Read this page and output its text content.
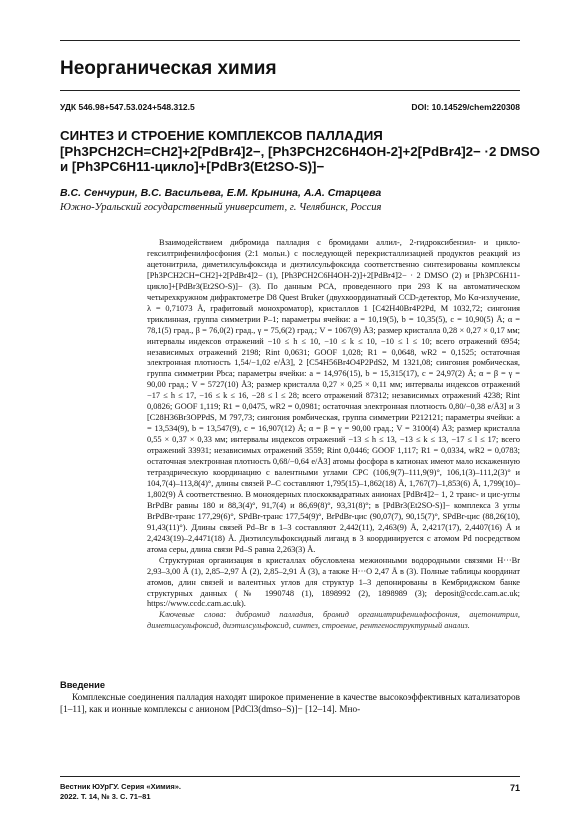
Неорганическая химия
УДК 546.98+547.53.024+548.312.5	DOI: 10.14529/chem220308
СИНТЕЗ И СТРОЕНИЕ КОМПЛЕКСОВ ПАЛЛАДИЯ
[Ph3PCH2CH=CH2]+2[PdBr4]2−, [Ph3PCH2C6H4OH-2]+2[PdBr4]2− ·2 DMSO
и [Ph3PC6H11-цикло]+[PdBr3(Et2SO-S)]−
В.С. Сенчурин, В.С. Васильева, Е.М. Крынина, А.А. Старцева
Южно-Уральский государственный университет, г. Челябинск, Россия

Взаимодействием дибромида палладия с бромидами аллил-, 2-гидроксибензил- и цикло-гексилтрифенилфосфония (2:1 мольн.) с последующей перекристаллизацией продуктов реакций из ацетонитрила, диметилсульфоксида и диэтилсульфоксида соответственно синтезированы комплексы [Ph3PCH2CH=CH2]+2[PdBr4]2− (1), [Ph3PCH2C6H4OH-2)]+2[PdBr4]2− · 2 DMSO (2) и [Ph3PC6H11-цикло]+[PdBr3(Et2SO-S)]− (3). По данным РСА, проведенного при 293 К на автоматическом четырехкружном дифрактометре D8 Quest Bruker (двухкоординатный CCD-детектор, Mo Kα-излучение, λ = 0,71073 Å, графитовый монохроматор), кристаллов 1 [C42H40Br4P2Pd, M 1032,72; сингония триклинная, группа симметрии P–1; параметры ячейки: a = 10,19(5), b = 10,35(5), c = 10,90(5) Å; α = 78,1(5) град., β = 76,0(2) град., γ = 75,6(2) град.; V = 1067(9) Å3; размер кристалла 0,28 × 0,27 × 0,17 мм; интервалы индексов отражений −10 ≤ h ≤ 10, −10 ≤ k ≤ 10, −10 ≤ l ≤ 10; всего отражений 6954; независимых отражений 2198; Rint 0,0631; GOOF 1,028; R1 = 0,0648, wR2 = 0,1525; остаточная электронная плотность 1,54/−1,02 e/Å3], 2 [C54H56Br4O4P2PdS2, M 1321,08; сингония ромбическая, группа симметрии Pbca; параметры ячейки: a = 14,976(15), b = 15,315(17), c = 24,97(2) Å; α = β = γ = 90,00 град.; V = 5727(10) Å3; размер кристалла 0,27 × 0,25 × 0,11 мм; интервалы индексов отражений −17 ≤ h ≤ 17, −16 ≤ k ≤ 16, −28 ≤ l ≤ 28; всего отражений 87312; независимых отражений 4238; Rint 0,0826; GOOF 1,119; R1 = 0,0475, wR2 = 0,0981; остаточная электронная плотность 0,80/−0,38 e/Å3] и 3 [C28H36Br3OPPdS, M 797,73; сингония ромбическая, группа симметрии P212121; параметры ячейки: a = 13,534(9), b = 13,547(9), c = 16,907(12) Å; α = β = γ = 90,00 град.; V = 3100(4) Å3; размер кристалла 0,55 × 0,37 × 0,33 мм; интервалы индексов отражений −13 ≤ h ≤ 13, −13 ≤ k ≤ 13, −17 ≤ l ≤ 17; всего отражений 33931; независимых отражений 3559; Rint 0,0446; GOOF 1,117; R1 = 0,0334, wR2 = 0,0783; остаточная электронная плотность 0,68/−0,64 e/Å3] атомы фосфора в катионах имеют мало искаженную тетраэдрическую координацию с валентными углами CPC (106,9(7)–111,9(9)°, 106,1(3)–111,2(3)° и 104,7(4)–113,8(4)°, длины связей P–C составляют 1,795(15)–1,862(18) Å, 1,767(7)–1,853(6) Å, 1,799(10)–1,802(9) Å соответственно. В моноядерных плоскоквадратных анионах [PdBr4]2− 1, 2 транс- и цис-углы BrPdBr равны 180 и 88,3(4)°, 91,7(4) и 86,69(8)°, 93,31(8)°; в [PdBr3(Et2SO-S)]− комплекса 3 углы BrPdBr-транс 177,29(6)°, SPdBr-транс 177,54(9)°, BrPdBr-цис (90,07(7), 90,15(7)°, SPdBr-цис (88,26(10), 91,43(11)°). Длины связей Pd–Br в 1–3 составляют 2,442(11), 2,463(9) Å, 2,4217(17), 2,4407(16) Å и 2,4243(19)–2,4471(18) Å. Диэтилсульфоксидный лиганд в 3 координируется с атомом Pd посредством атома серы, длина связи Pd–S равна 2,263(3) Å.

Структурная организация в кристаллах обусловлена межионными водородными связями H···Br 2,93–3,00 Å (1), 2,85–2,97 Å (2), 2,85–2,91 Å (3), а также H···O 2,47 Å в (3). Полные таблицы координат атомов, длин связей и валентных углов для структур 1–3 депонированы в Кембриджском банке структурных данных (№ 1990748 (1), 1898992 (2), 1898989 (3); deposit@ccdc.cam.ac.uk; https://www.ccdc.cam.ac.uk).

Ключевые слова: дибромид палладия, бромид органилтрифенилфосфония, ацетонитрил, диметилсульфоксид, диэтилсульфоксид, синтез, строение, рентгеноструктурный анализ.

Введение
Комплексные соединения палладия находят широкое применение в качестве высокоэффективных катализаторов [1–11], как и ионные комплексы с анионом [PdCl3(dmso–S)]− [12–14]. Мно-
Вестник ЮУрГУ. Серия «Химия».
2022. Т. 14, № 3. С. 71–81
71
